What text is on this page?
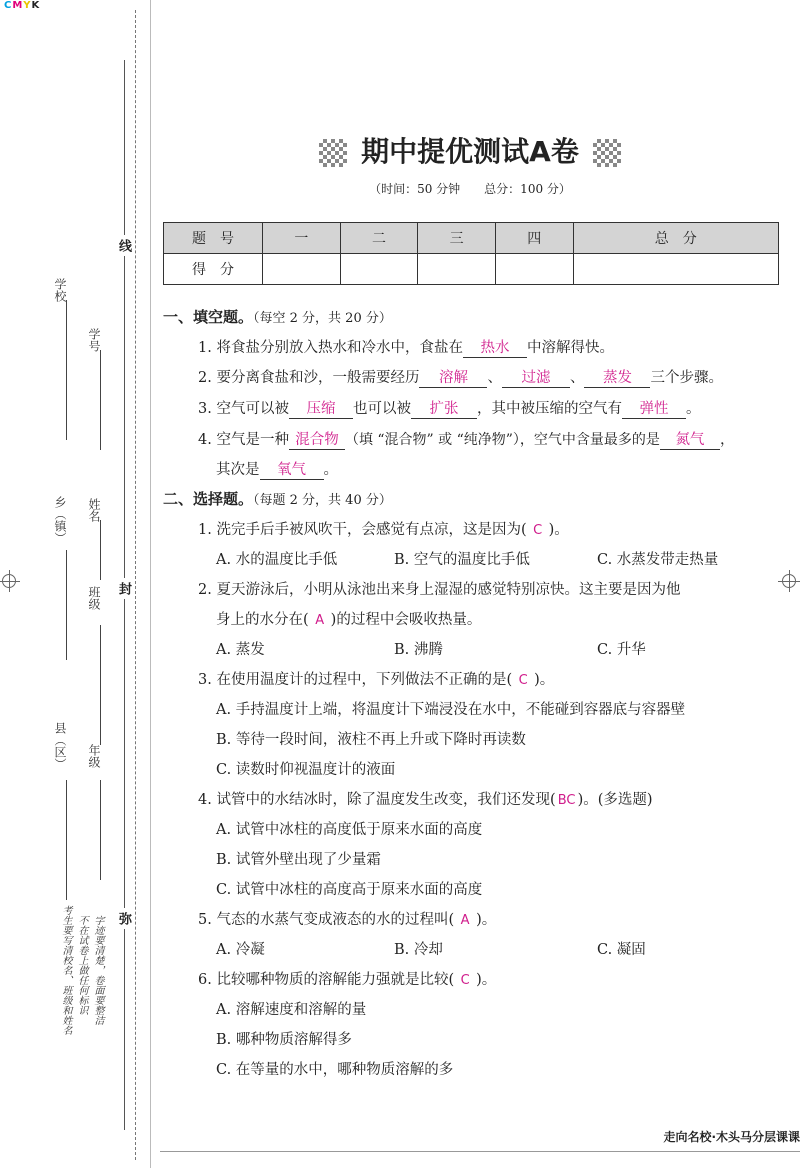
CMYK
线
封
弥
学校
学号
乡（镇） 姓名
班级
县（区） 年级
考生要写清校名、班级和姓名 不在试卷上做任何标识 字迹要清楚，卷面要整洁
期中提优测试A卷
（时间：50 分钟　　总分：100 分）
题　号	一	二	三	四	总　分
得　分					
一、填空题。（每空 2 分，共 20 分）
1. 将食盐分别放入热水和冷水中，食盐在 热水 中溶解得快。
2. 要分离食盐和沙，一般需要经历 溶解 、 过滤 、 蒸发 三个步骤。
3. 空气可以被 压缩 也可以被 扩张 ，其中被压缩的空气有 弹性 。
4. 空气是一种 混合物 （填 “混合物” 或 “纯净物”），空气中含量最多的是 氮气 ，
其次是 氧气 。
二、选择题。（每题 2 分，共 40 分）
1. 洗完手后手被风吹干，会感觉有点凉，这是因为( C )。
A. 水的温度比手低	B. 空气的温度比手低	C. 水蒸发带走热量
2. 夏天游泳后，小明从泳池出来身上湿湿的感觉特别凉快。这主要是因为他
身上的水分在( A )的过程中会吸收热量。
A. 蒸发	B. 沸腾	C. 升华
3. 在使用温度计的过程中，下列做法不正确的是( C )。
A. 手持温度计上端，将温度计下端浸没在水中，不能碰到容器底与容器壁
B. 等待一段时间，液柱不再上升或下降时再读数
C. 读数时仰视温度计的液面
4. 试管中的水结冰时，除了温度发生改变，我们还发现( BC )。(多选题)
A. 试管中冰柱的高度低于原来水面的高度
B. 试管外壁出现了少量霜
C. 试管中冰柱的高度高于原来水面的高度
5. 气态的水蒸气变成液态的水的过程叫( A )。
A. 冷凝	B. 冷却	C. 凝固
6. 比较哪种物质的溶解能力强就是比较( C )。
A. 溶解速度和溶解的量
B. 哪种物质溶解得多
C. 在等量的水中，哪种物质溶解的多
走向名校·木头马分层课课
